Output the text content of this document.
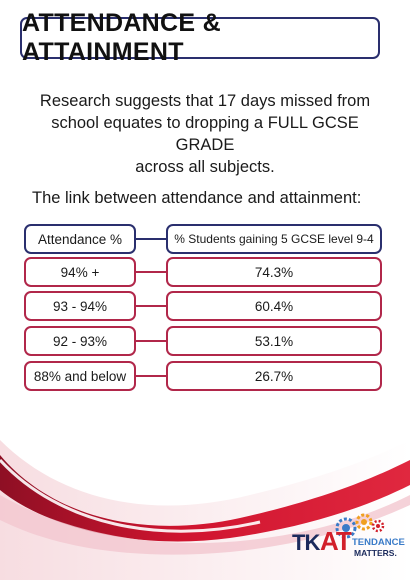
ATTENDANCE & ATTAINMENT
Research suggests that 17 days missed from
school equates to dropping a FULL GCSE GRADE
across all subjects.
The link between attendance and attainment:
Attendance %	% Students gaining 5 GCSE level 9-4
94% +	74.3%
93 - 94%	60.4%
92 - 93%	53.1%
88% and below	26.7%
TK AT TENDANCE
MATTERS.
